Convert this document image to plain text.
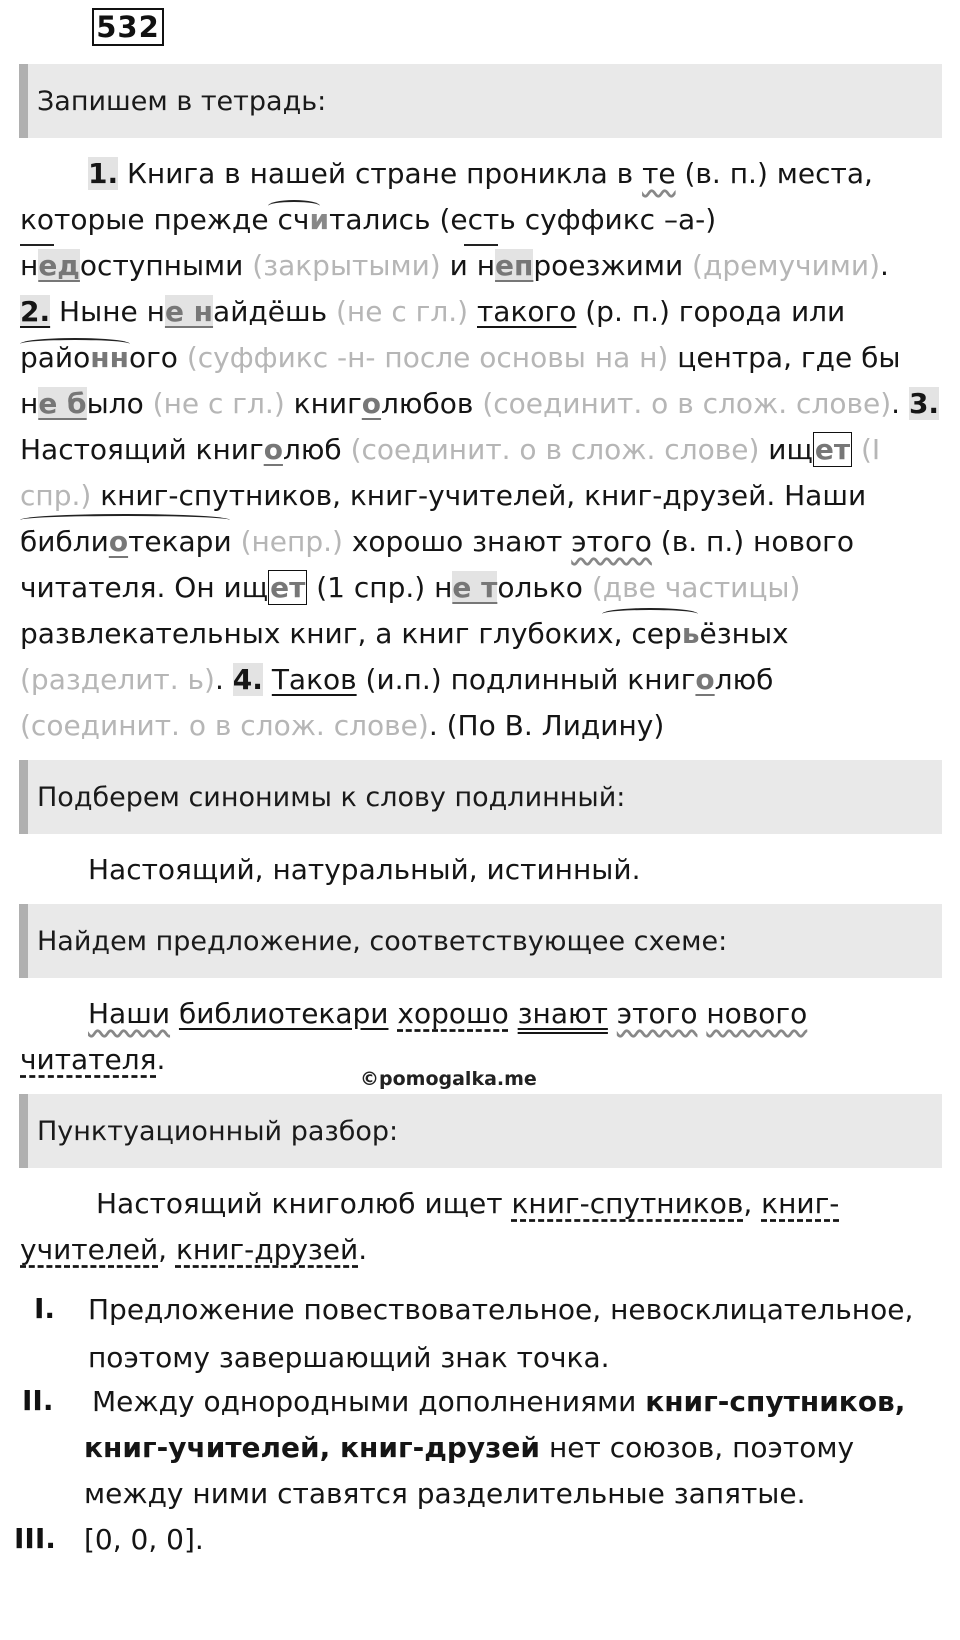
532
Запишем в тетрадь:
1. Книга в нашей стране проникла в те (в. п.) места,
которые прежде считались (есть суффикс –а-)
недоступными (закрытыми) и непроезжими (дремучими).
2. Ныне не найдёшь (не с гл.) такого (р. п.) города или
районного (суффикс -н- после основы на н) центра, где бы
не было (не с гл.) книголюбов (соединит. о в слож. слове). 3.
Настоящий книголюб (соединит. о в слож. слове) ищет (I
спр.) книг-спутников, книг-учителей, книг-друзей. Наши
библиотекари (непр.) хорошо знают этого (в. п.) нового
читателя. Он ищет (1 спр.) не только (две частицы)
развлекательных книг, а книг глубоких, серьёзных
(разделит. ь). 4. Таков (и.п.) подлинный книголюб
(соединит. о в слож. слове). (По В. Лидину)
Подберем синонимы к слову подлинный:
Настоящий, натуральный, истинный.
Найдем предложение, соответствующее схеме:
Наши библиотекари хорошо знают этого нового
читателя.
©pomogalka.me
Пунктуационный разбор:
Настоящий книголюб ищет книг-спутников, книг-
учителей, книг-друзей.
I. Предложение повествовательное, невосклицательное,
поэтому завершающий знак точка.
II. Между однородными дополнениями книг-спутников,
книг-учителей, книг-друзей нет союзов, поэтому
между ними ставятся разделительные запятые.
III. [0, 0, 0].
